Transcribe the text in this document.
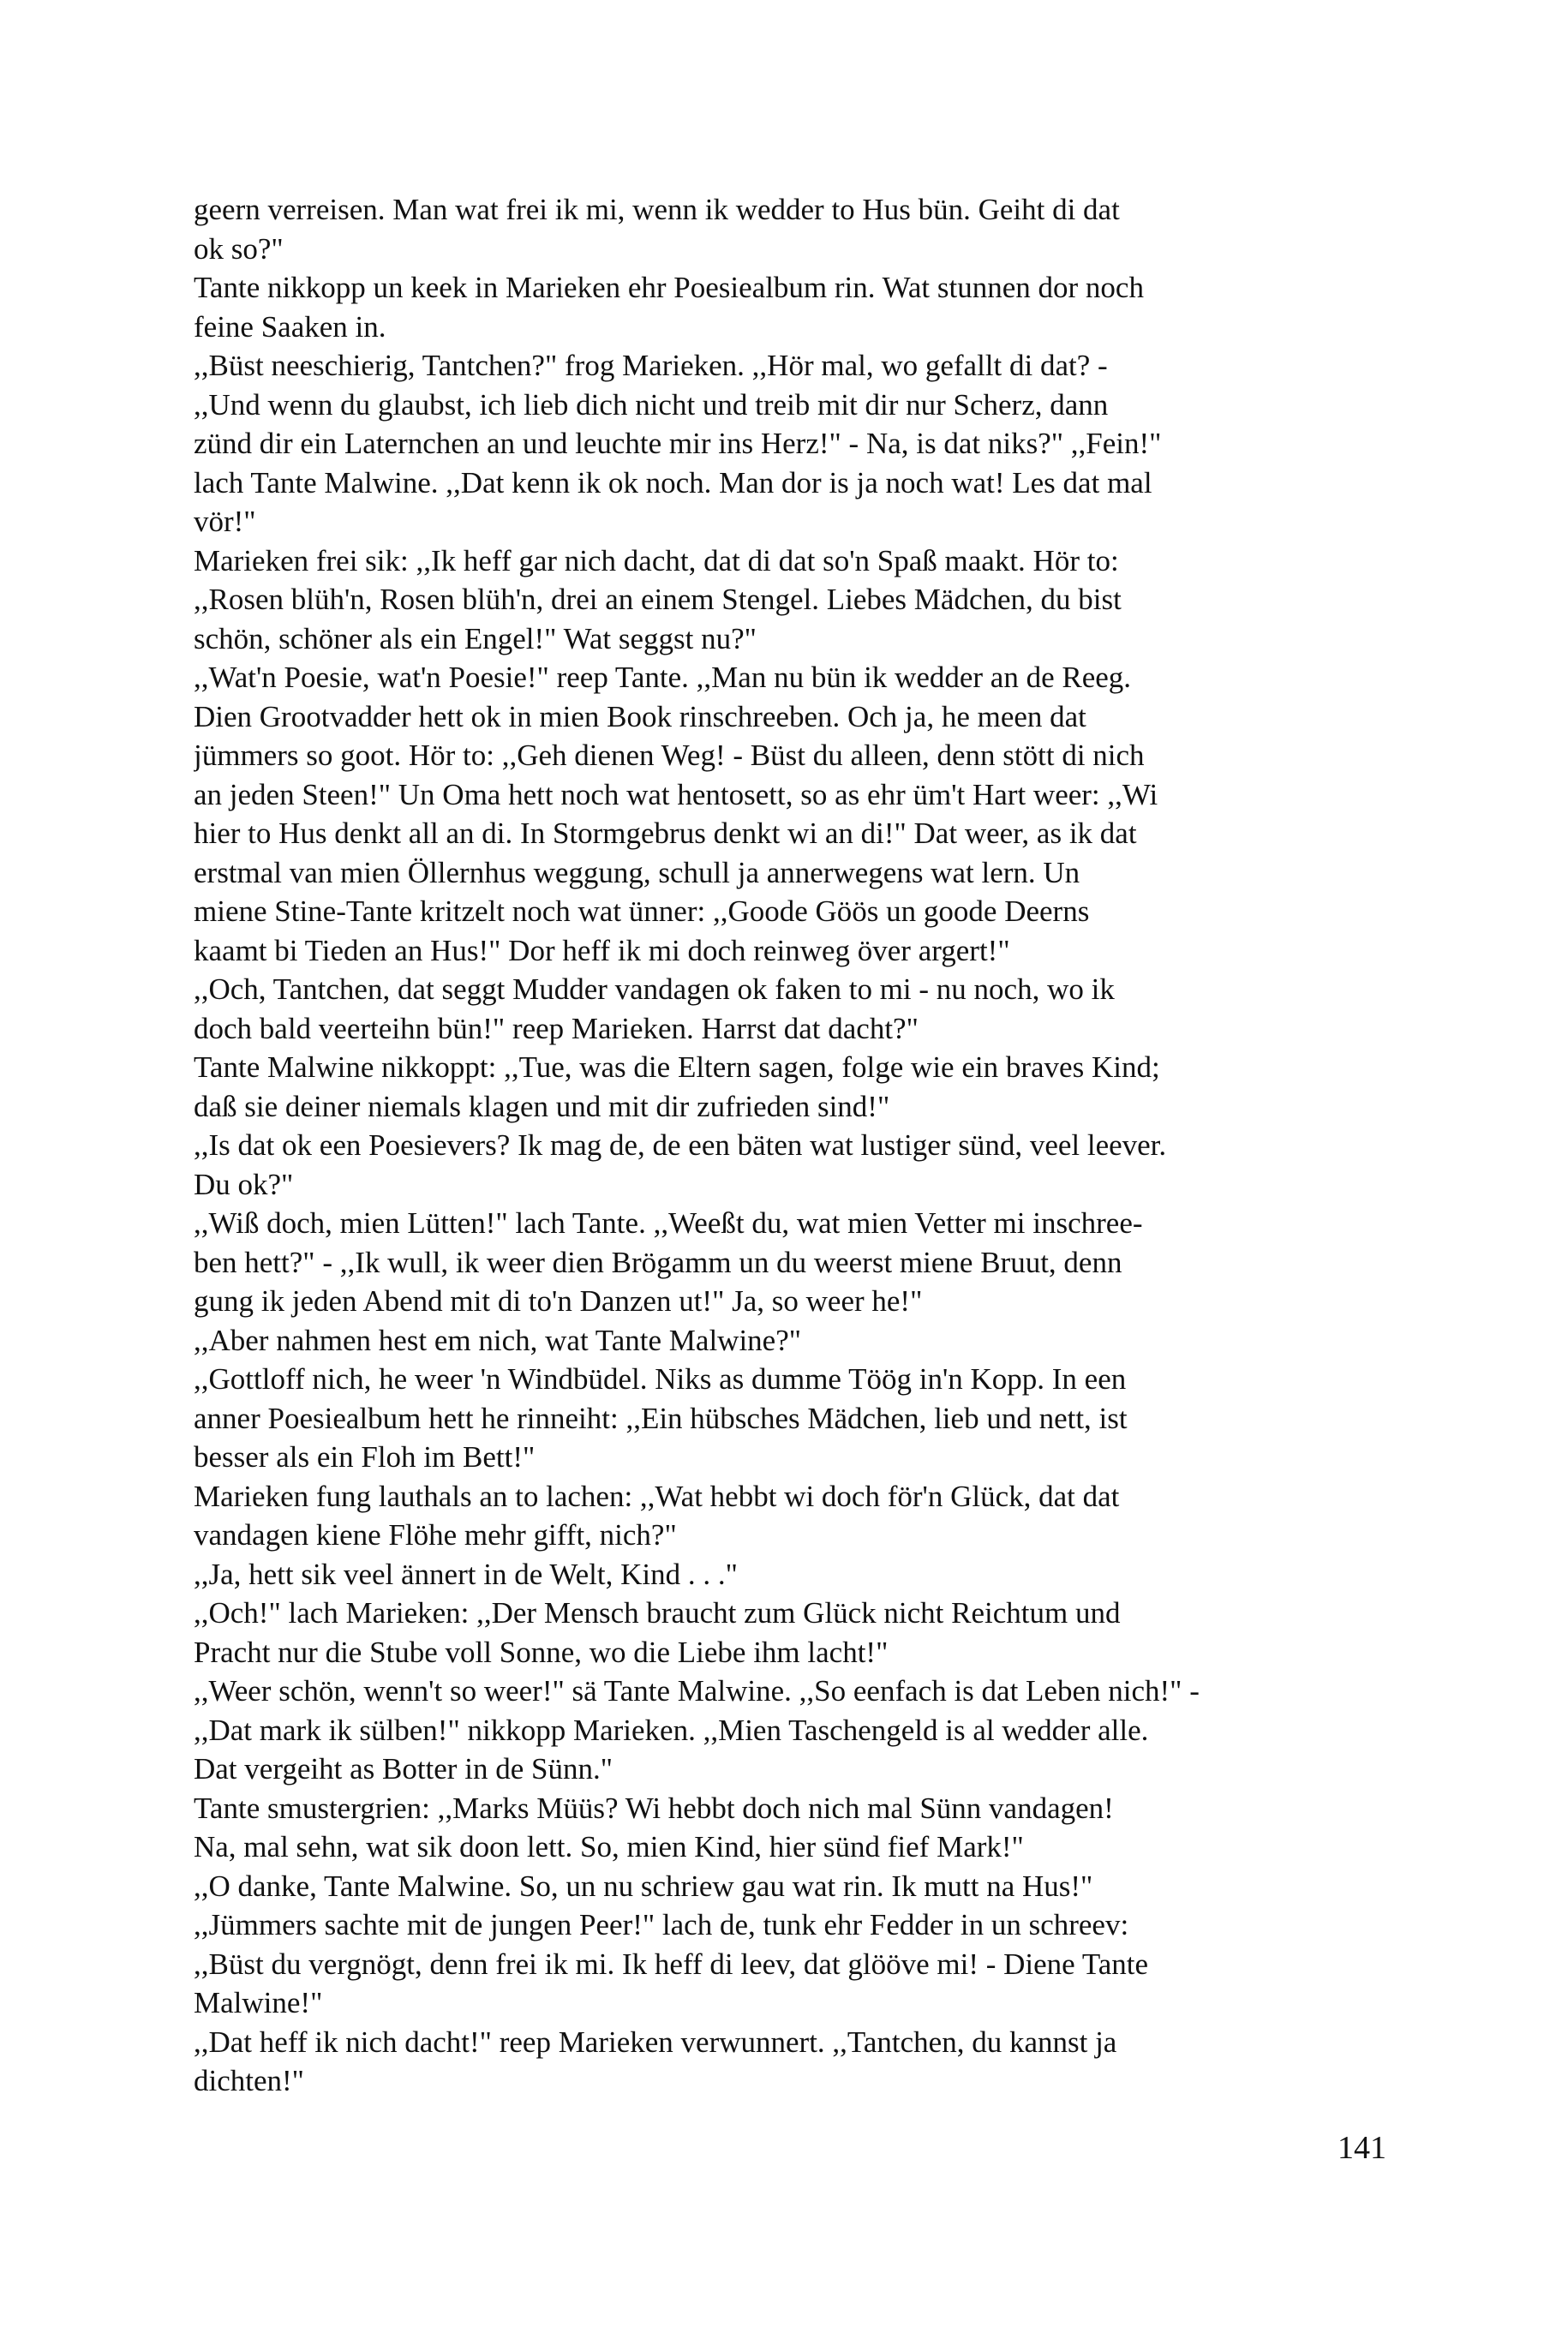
geern verreisen. Man wat frei ik mi, wenn ik wedder to Hus bün. Geiht di dat
ok so?"
Tante nikkopp un keek in Marieken ehr Poesiealbum rin. Wat stunnen dor noch
feine Saaken in.
,,Büst neeschierig, Tantchen?" frog Marieken. ,,Hör mal, wo gefallt di dat? -
,,Und wenn du glaubst, ich lieb dich nicht und treib mit dir nur Scherz, dann
zünd dir ein Laternchen an und leuchte mir ins Herz!" - Na, is dat niks?" ,,Fein!"
lach Tante Malwine. ,,Dat kenn ik ok noch. Man dor is ja noch wat! Les dat mal
vör!"
Marieken frei sik: ,,Ik heff gar nich dacht, dat di dat so'n Spaß maakt. Hör to:
,,Rosen blüh'n, Rosen blüh'n, drei an einem Stengel. Liebes Mädchen, du bist
schön, schöner als ein Engel!" Wat seggst nu?"
,,Wat'n Poesie, wat'n Poesie!" reep Tante. ,,Man nu bün ik wedder an de Reeg.
Dien Grootvadder hett ok in mien Book rinschreeben. Och ja, he meen dat
jümmers so goot. Hör to: ,,Geh dienen Weg! - Büst du alleen, denn stött di nich
an jeden Steen!" Un Oma hett noch wat hentosett, so as ehr üm't Hart weer: ,,Wi
hier to Hus denkt all an di. In Stormgebrus denkt wi an di!" Dat weer, as ik dat
erstmal van mien Öllernhus weggung, schull ja annerwegens wat lern. Un
miene Stine-Tante kritzelt noch wat ünner: ,,Goode Göös un goode Deerns
kaamt bi Tieden an Hus!" Dor heff ik mi doch reinweg över argert!"
,,Och, Tantchen, dat seggt Mudder vandagen ok faken to mi - nu noch, wo ik
doch bald veerteihn bün!" reep Marieken. Harrst dat dacht?"
Tante Malwine nikkoppt: ,,Tue, was die Eltern sagen, folge wie ein braves Kind;
daß sie deiner niemals klagen und mit dir zufrieden sind!"
,,Is dat ok een Poesievers? Ik mag de, de een bäten wat lustiger sünd, veel leever.
Du ok?"
,,Wiß doch, mien Lütten!" lach Tante. ,,Weeßt du, wat mien Vetter mi inschree-
ben hett?" - ,,Ik wull, ik weer dien Brögamm un du weerst miene Bruut, denn
gung ik jeden Abend mit di to'n Danzen ut!" Ja, so weer he!"
,,Aber nahmen hest em nich, wat Tante Malwine?"
,,Gottloff nich, he weer 'n Windbüdel. Niks as dumme Töög in'n Kopp. In een
anner Poesiealbum hett he rinneiht: ,,Ein hübsches Mädchen, lieb und nett, ist
besser als ein Floh im Bett!"
Marieken fung lauthals an to lachen: ,,Wat hebbt wi doch för'n Glück, dat dat
vandagen kiene Flöhe mehr gifft, nich?"
,,Ja, hett sik veel ännert in de Welt, Kind . . ."
,,Och!" lach Marieken: ,,Der Mensch braucht zum Glück nicht Reichtum und
Pracht nur die Stube voll Sonne, wo die Liebe ihm lacht!"
,,Weer schön, wenn't so weer!" sä Tante Malwine. ,,So eenfach is dat Leben nich!" -
,,Dat mark ik sülben!" nikkopp Marieken. ,,Mien Taschengeld is al wedder alle.
Dat vergeiht as Botter in de Sünn."
Tante smustergrien: ,,Marks Müüs? Wi hebbt doch nich mal Sünn vandagen!
Na, mal sehn, wat sik doon lett. So, mien Kind, hier sünd fief Mark!"
,,O danke, Tante Malwine. So, un nu schriew gau wat rin. Ik mutt na Hus!"
,,Jümmers sachte mit de jungen Peer!" lach de, tunk ehr Fedder in un schreev:
,,Büst du vergnögt, denn frei ik mi. Ik heff di leev, dat glööve mi! - Diene Tante
Malwine!"
,,Dat heff ik nich dacht!" reep Marieken verwunnert. ,,Tantchen, du kannst ja
dichten!"
141
